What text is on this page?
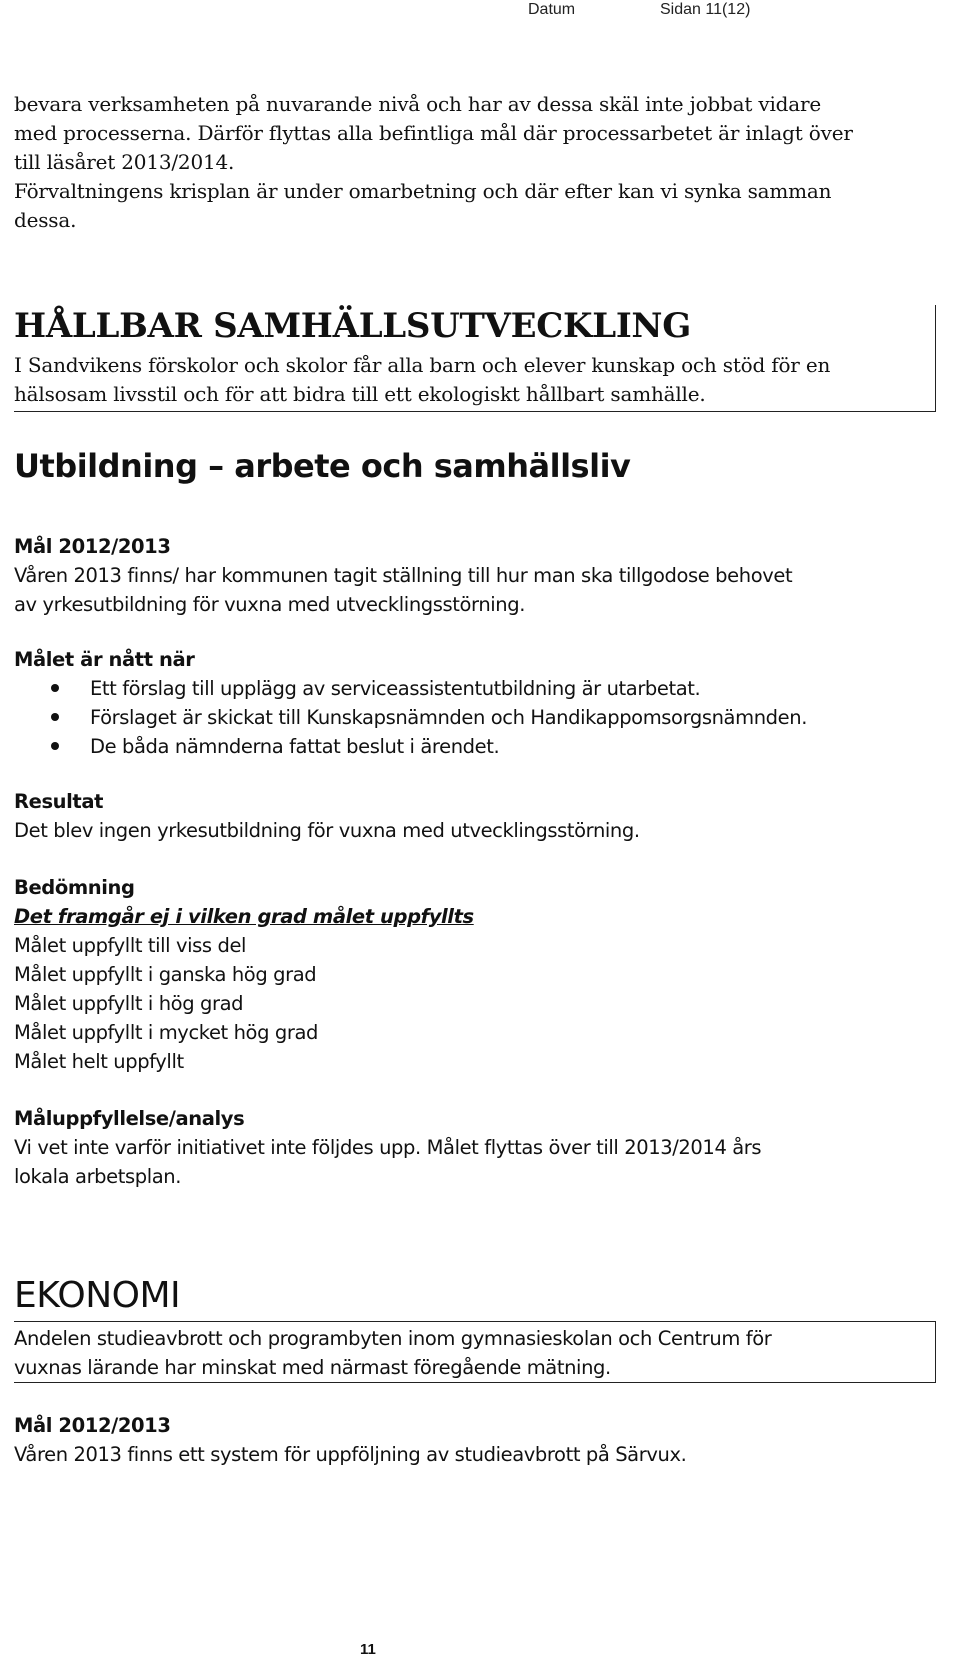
Datum	Sidan 11(12)

bevara verksamheten på nuvarande nivå och har av dessa skäl inte jobbat vidare

med processerna. Därför flyttas alla befintliga mål där processarbetet är inlagt över

till läsåret 2013/2014.

Förvaltningens krisplan är under omarbetning och där efter kan vi synka samman

dessa.

HÅLLBAR SAMHÄLLSUTVECKLING

I Sandvikens förskolor och skolor får alla barn och elever kunskap och stöd för en

hälsosam livsstil och för att bidra till ett ekologiskt hållbart samhälle.

Utbildning – arbete och samhällsliv

Mål 2012/2013

Våren 2013 finns/ har kommunen tagit ställning till hur man ska tillgodose behovet

av yrkesutbildning för vuxna med utvecklingsstörning.

Målet är nått när

Ett förslag till upplägg av serviceassistentutbildning är utarbetat.
Förslaget är skickat till Kunskapsnämnden och Handikappomsorgsnämnden.
De båda nämnderna fattat beslut i ärendet.

Resultat

Det blev ingen yrkesutbildning för vuxna med utvecklingsstörning.

Bedömning

Det framgår ej i vilken grad målet uppfyllts

Målet uppfyllt till viss del

Målet uppfyllt i ganska hög grad

Målet uppfyllt i hög grad

Målet uppfyllt i mycket hög grad

Målet helt uppfyllt

Måluppfyllelse/analys

Vi vet inte varför initiativet inte följdes upp. Målet flyttas över till 2013/2014 års

lokala arbetsplan.

EKONOMI

Andelen studieavbrott och programbyten inom gymnasieskolan och Centrum för

vuxnas lärande har minskat med närmast föregående mätning.

Mål 2012/2013

Våren 2013 finns ett system för uppföljning av studieavbrott på Särvux.

11
